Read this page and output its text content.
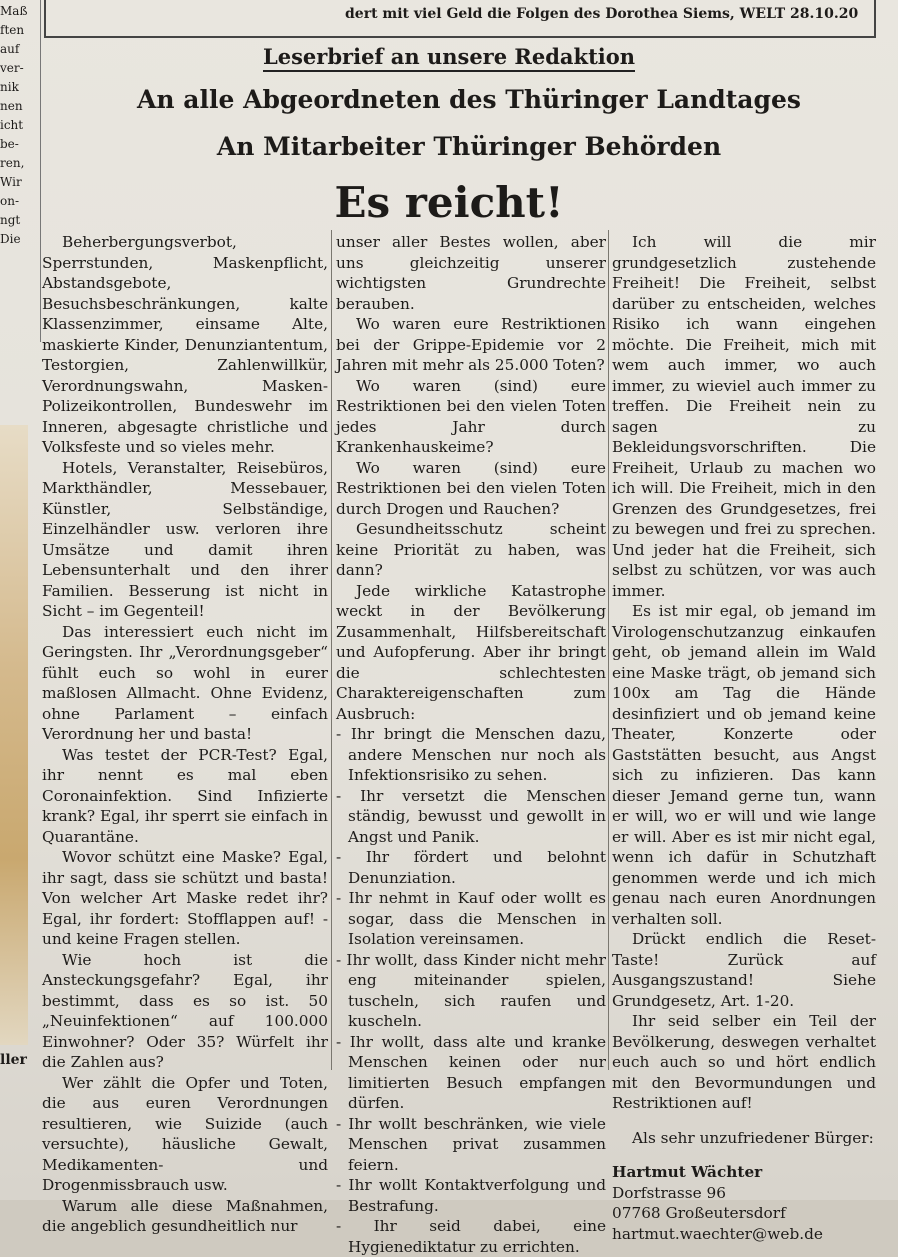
Maß
ften
auf
ver-
nik
nen
icht
be-
ren,
Wir
on-
ngt
Die
ller
dert mit viel Geld die Folgen des Dorothea Siems, WELT 28.10.20
Leserbrief an unsere Redaktion
An alle Abgeordneten des Thüringer Landtages
An Mitarbeiter Thüringer Behörden
Es reicht!

Beherbergungsverbot, Sperrstunden, Maskenpflicht, Abstandsgebote, Besuchsbeschränkungen, kalte Klassenzimmer, einsame Alte, maskierte Kinder, Denunziantentum, Testorgien, Zahlenwillkür, Verordnungswahn, Masken-Polizeikontrollen, Bundeswehr im Inneren, abgesagte christliche und Volksfeste und so vieles mehr.

Hotels, Veranstalter, Reisebüros, Markthändler, Messebauer, Künstler, Selbständige, Einzelhändler usw. verloren ihre Umsätze und damit ihren Lebensunterhalt und den ihrer Familien. Besserung ist nicht in Sicht – im Gegenteil!

Das interessiert euch nicht im Geringsten. Ihr „Verordnungsgeber“ fühlt euch so wohl in eurer maßlosen Allmacht. Ohne Evidenz, ohne Parlament – einfach Verordnung her und basta!

Was testet der PCR-Test? Egal, ihr nennt es mal eben Coronainfektion. Sind Infizierte krank? Egal, ihr sperrt sie einfach in Quarantäne.

Wovor schützt eine Maske? Egal, ihr sagt, dass sie schützt und basta! Von welcher Art Maske redet ihr? Egal, ihr fordert: Stofflappen auf! - und keine Fragen stellen.

Wie hoch ist die Ansteckungsgefahr? Egal, ihr bestimmt, dass es so ist. 50 „Neuinfektionen“ auf 100.000 Einwohner? Oder 35? Würfelt ihr die Zahlen aus?

Wer zählt die Opfer und Toten, die aus euren Verordnungen resultieren, wie Suizide (auch versuchte), häusliche Gewalt, Medikamenten- und Drogenmissbrauch usw.

Warum alle diese Maßnahmen, die angeblich gesundheitlich nur

unser aller Bestes wollen, aber uns gleichzeitig unserer wichtigsten Grundrechte berauben.

Wo waren eure Restriktionen bei der Grippe-Epidemie vor 2 Jahren mit mehr als 25.000 Toten?

Wo waren (sind) eure Restriktionen bei den vielen Toten jedes Jahr durch Krankenhauskeime?

Wo waren (sind) eure Restriktionen bei den vielen Toten durch Drogen und Rauchen?

Gesundheitsschutz scheint keine Priorität zu haben, was dann?

Jede wirkliche Katastrophe weckt in der Bevölkerung Zusammenhalt, Hilfsbereitschaft und Aufopferung. Aber ihr bringt die schlechtesten Charaktereigenschaften zum Ausbruch:

- Ihr bringt die Menschen dazu, andere Menschen nur noch als Infektionsrisiko zu sehen.

- Ihr versetzt die Menschen ständig, bewusst und gewollt in Angst und Panik.

- Ihr fördert und belohnt Denunziation.

- Ihr nehmt in Kauf oder wollt es sogar, dass die Menschen in Isolation vereinsamen.

- Ihr wollt, dass Kinder nicht mehr eng miteinander spielen, tuscheln, sich raufen und kuscheln.

- Ihr wollt, dass alte und kranke Menschen keinen oder nur limitierten Besuch empfangen dürfen.

- Ihr wollt beschränken, wie viele Menschen privat zusammen feiern.

- Ihr wollt Kontaktverfolgung und Bestrafung.

- Ihr seid dabei, eine Hygienediktatur zu errichten.

Ich will die mir grundgesetzlich zustehende Freiheit! Die Freiheit, selbst darüber zu entscheiden, welches Risiko ich wann eingehen möchte. Die Freiheit, mich mit wem auch immer, wo auch immer, zu wieviel auch immer zu treffen. Die Freiheit nein zu sagen zu Bekleidungsvorschriften. Die Freiheit, Urlaub zu machen wo ich will. Die Freiheit, mich in den Grenzen des Grundgesetzes, frei zu bewegen und frei zu sprechen. Und jeder hat die Freiheit, sich selbst zu schützen, vor was auch immer.

Es ist mir egal, ob jemand im Virologenschutzanzug einkaufen geht, ob jemand allein im Wald eine Maske trägt, ob jemand sich 100x am Tag die Hände desinfiziert und ob jemand keine Theater, Konzerte oder Gaststätten besucht, aus Angst sich zu infizieren. Das kann dieser Jemand gerne tun, wann er will, wo er will und wie lange er will. Aber es ist mir nicht egal, wenn ich dafür in Schutzhaft genommen werde und ich mich genau nach euren Anordnungen verhalten soll.

Drückt endlich die Reset-Taste! Zurück auf Ausgangszustand! Siehe Grundgesetz, Art. 1-20.

Ihr seid selber ein Teil der Bevölkerung, deswegen verhaltet euch auch so und hört endlich mit den Bevormundungen und Restriktionen auf!

Als sehr unzufriedener Bürger:

Hartmut Wächter

Dorfstrasse 96

07768 Großeutersdorf

hartmut.waechter@web.de
